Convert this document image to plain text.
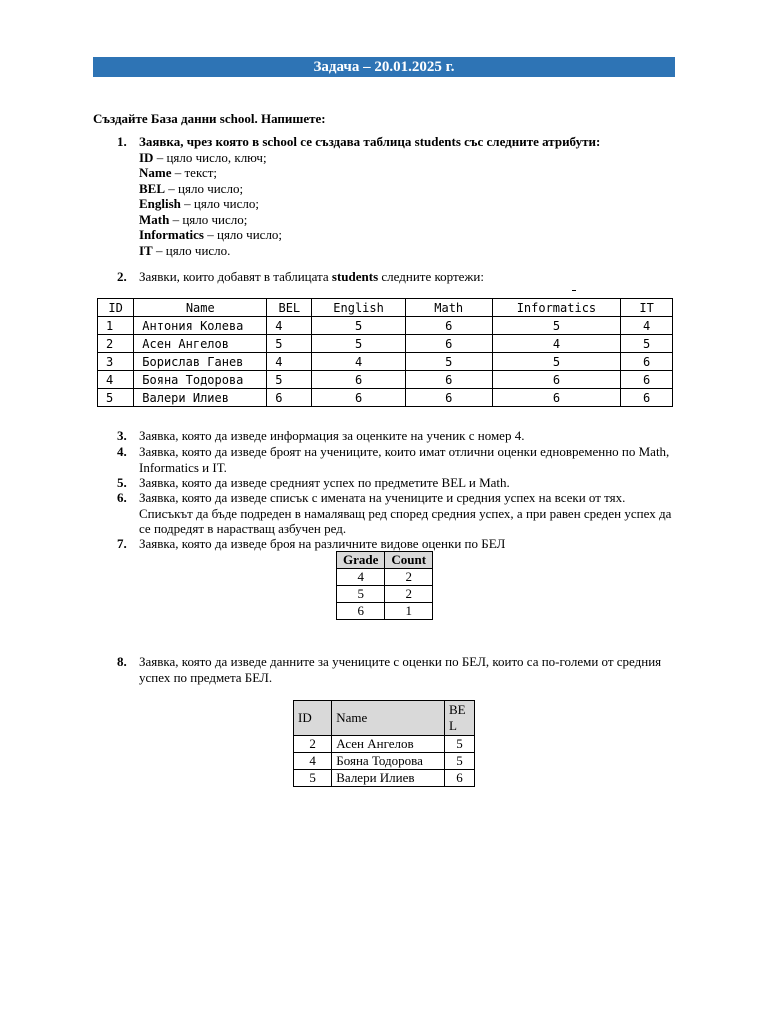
Задача – 20.01.2025 г.
Създайте База данни school. Напишете:
1. Заявка, чрез която в school се създава таблица students със следните атрибути:
ID – цяло число, ключ;
Name – текст;
BEL – цяло число;
English – цяло число;
Math – цяло число;
Informatics – цяло число;
IT – цяло число.
2. Заявки, които добавят в таблицата students следните кортежи:
ID	Name	BEL	English	Math	Informatics	IT
1	Антония Колева	4	5	6	5	4
2	Асен Ангелов	5	5	6	4	5
3	Борислав Ганев	4	4	5	5	6
4	Бояна Тодорова	5	6	6	6	6
5	Валери Илиев	6	6	6	6	6
3. Заявка, която да изведе информация за оценките на ученик с номер 4.
4. Заявка, която да изведе броят на учениците, които имат отлични оценки едновременно по Math, Informatics и IT.
5. Заявка, която да изведе средният успех по предметите BEL и Math.
6. Заявка, която да изведе списък с имената на учениците и средния успех на всеки от тях. Списъкът да бъде подреден в намаляващ ред според средния успех, а при равен среден успех да се подредят в нарастващ азбучен ред.
7. Заявка, която да изведе броя на различните видове оценки по БЕЛ
Grade	Count
4	2
5	2
6	1
8. Заявка, която да изведе данните за учениците с оценки по БЕЛ, които са по-големи от средния успех по предмета БЕЛ.
ID	Name	BEL
2	Асен Ангелов	5
4	Бояна Тодорова	5
5	Валери Илиев	6
